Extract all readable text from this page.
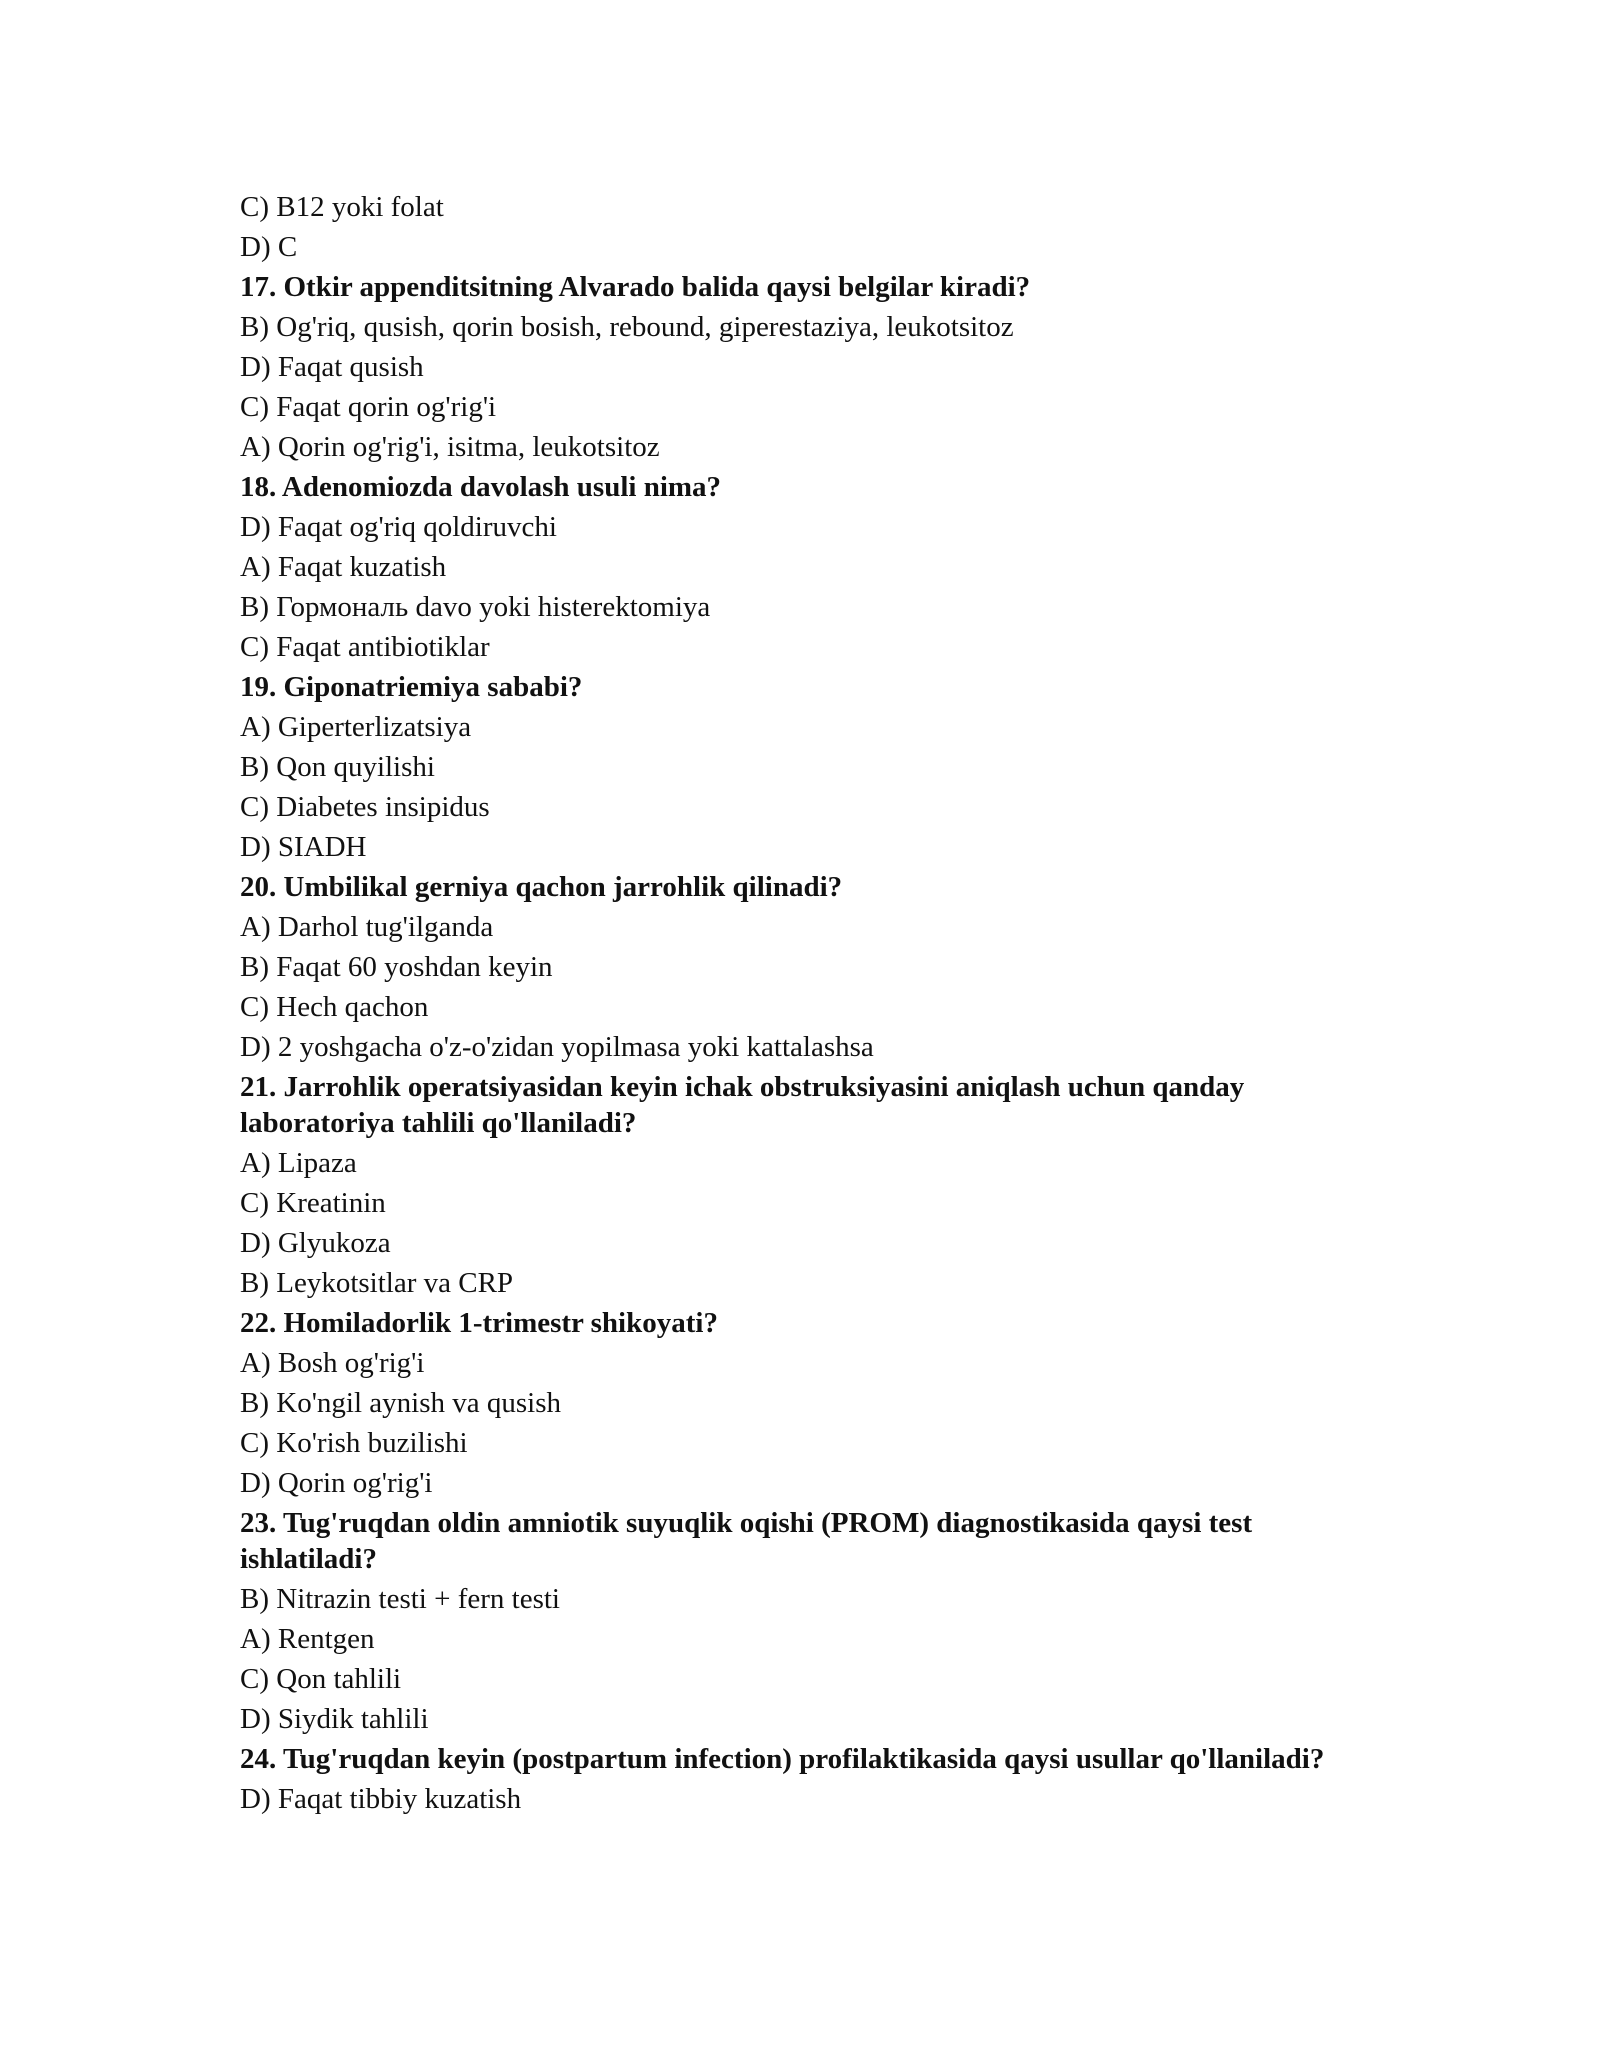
C) B12 yoki folat
D) C
17. Otkir appenditsitning Alvarado balida qaysi belgilar kiradi?
B) Og'riq, qusish, qorin bosish, rebound, giperestaziya, leukotsitoz
D) Faqat qusish
C) Faqat qorin og'rig'i
A) Qorin og'rig'i, isitma, leukotsitoz
18. Adenomiozda davolash usuli nima?
D) Faqat og'riq qoldiruvchi
A) Faqat kuzatish
B) Гормональ davo yoki histerektomiya
C) Faqat antibiotiklar
19. Giponatriemiya sababi?
A) Giperterlizatsiya
B) Qon quyilishi
C) Diabetes insipidus
D) SIADH
20. Umbilikal gerniya qachon jarrohlik qilinadi?
A) Darhol tug'ilganda
B) Faqat 60 yoshdan keyin
C) Hech qachon
D) 2 yoshgacha o'z-o'zidan yopilmasa yoki kattalashsa
21. Jarrohlik operatsiyasidan keyin ichak obstruksiyasini aniqlash uchun qanday laboratoriya tahlili qo'llaniladi?
A) Lipaza
C) Kreatinin
D) Glyukoza
B) Leykotsitlar va CRP
22. Homiladorlik 1-trimestr shikoyati?
A) Bosh og'rig'i
B) Ko'ngil aynish va qusish
C) Ko'rish buzilishi
D) Qorin og'rig'i
23. Tug'ruqdan oldin amniotik suyuqlik oqishi (PROM) diagnostikasida qaysi test ishlatiladi?
B) Nitrazin testi + fern testi
A) Rentgen
C) Qon tahlili
D) Siydik tahlili
24. Tug'ruqdan keyin (postpartum infection) profilaktikasida qaysi usullar qo'llaniladi?
D) Faqat tibbiy kuzatish
